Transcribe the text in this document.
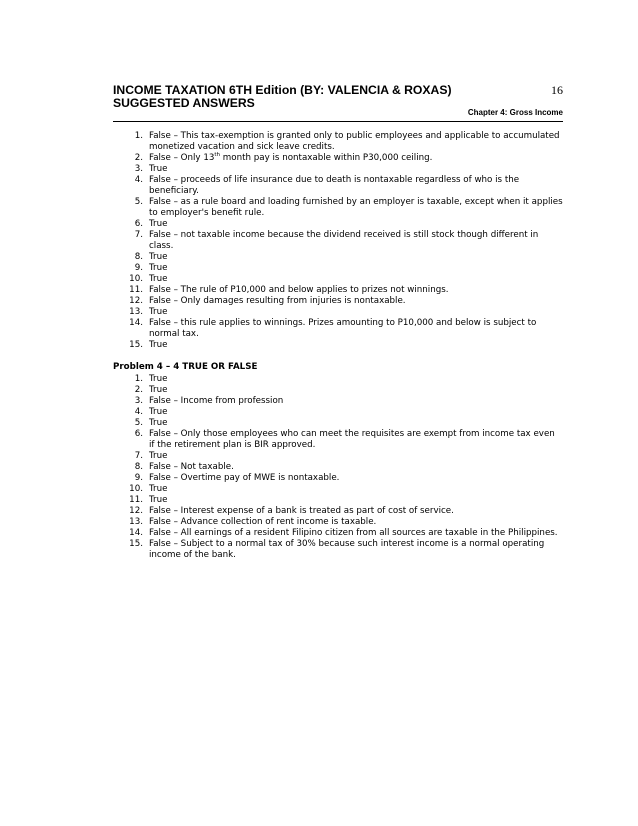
INCOME TAXATION 6TH Edition (BY: VALENCIA & ROXAS)
SUGGESTED ANSWERS
16
Chapter 4: Gross Income
1. False – This tax-exemption is granted only to public employees and applicable to accumulated monetized vacation and sick leave credits.
2. False – Only 13th month pay is nontaxable within P30,000 ceiling.
3. True
4. False – proceeds of life insurance due to death is nontaxable regardless of who is the beneficiary.
5. False – as a rule board and loading furnished by an employer is taxable, except when it applies to employer's benefit rule.
6. True
7. False – not taxable income because the dividend received is still stock though different in class.
8. True
9. True
10. True
11. False – The rule of P10,000 and below applies to prizes not winnings.
12. False – Only damages resulting from injuries is nontaxable.
13. True
14. False – this rule applies to winnings. Prizes amounting to P10,000 and below is subject to normal tax.
15. True
Problem 4 – 4 TRUE OR FALSE
1. True
2. True
3. False – Income from profession
4. True
5. True
6. False – Only those employees who can meet the requisites are exempt from income tax even if the retirement plan is BIR approved.
7. True
8. False – Not taxable.
9. False – Overtime pay of MWE is nontaxable.
10. True
11. True
12. False – Interest expense of a bank is treated as part of cost of service.
13. False – Advance collection of rent income is taxable.
14. False – All earnings of a resident Filipino citizen from all sources are taxable in the Philippines.
15. False – Subject to a normal tax of 30% because such interest income is a normal operating income of the bank.
